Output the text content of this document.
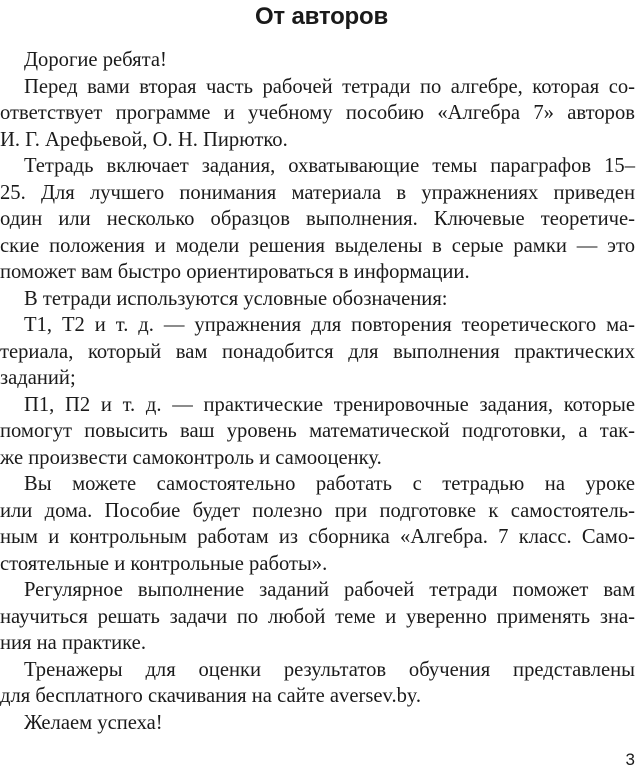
От авторов
Дорогие ребята!
Перед вами вторая часть рабочей тетради по алгебре, которая со-
ответствует программе и учебному пособию «Алгебра 7» авторов
И. Г. Арефьевой, О. Н. Пирютко.
Тетрадь включает задания, охватывающие темы параграфов 15–
25. Для лучшего понимания материала в упражнениях приведен
один или несколько образцов выполнения. Ключевые теоретиче-
ские положения и модели решения выделены в серые рамки — это
поможет вам быстро ориентироваться в информации.
В тетради используются условные обозначения:
Т1, Т2 и т. д. — упражнения для повторения теоретического ма-
териала, который вам понадобится для выполнения практических
заданий;
П1, П2 и т. д. — практические тренировочные задания, которые
помогут повысить ваш уровень математической подготовки, а так-
же произвести самоконтроль и самооценку.
Вы можете самостоятельно работать с тетрадью на уроке
или дома. Пособие будет полезно при подготовке к самостоятель-
ным и контрольным работам из сборника «Алгебра. 7 класс. Само-
стоятельные и контрольные работы».
Регулярное выполнение заданий рабочей тетради поможет вам
научиться решать задачи по любой теме и уверенно применять зна-
ния на практике.
Тренажеры для оценки результатов обучения представлены
для бесплатного скачивания на сайте aversev.by.
Желаем успеха!
3
